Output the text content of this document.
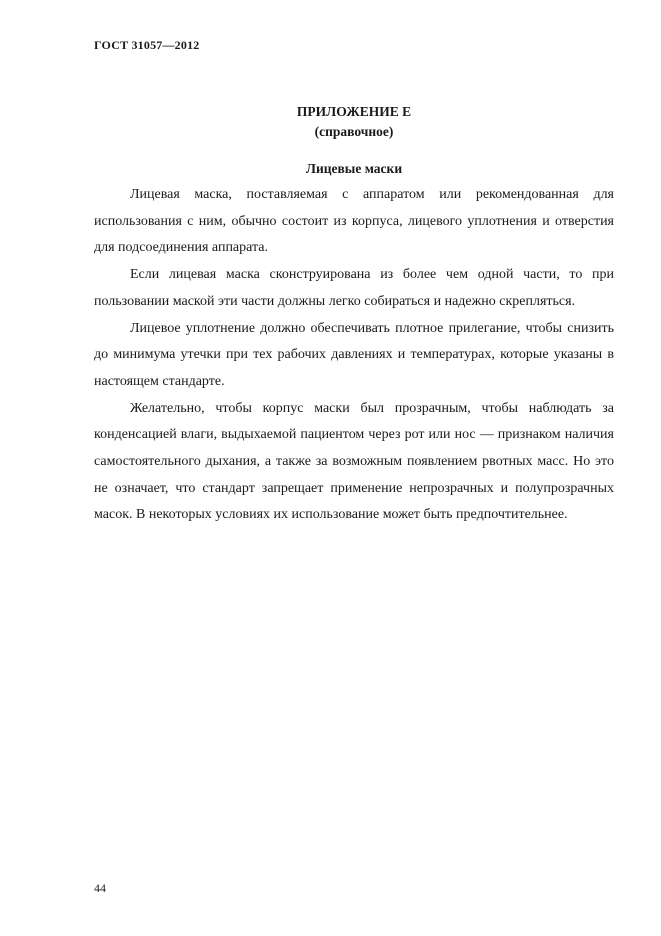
ГОСТ 31057—2012
ПРИЛОЖЕНИЕ Е
(справочное)
Лицевые маски

Лицевая маска, поставляемая с аппаратом или рекомендованная для использования с ним, обычно состоит из корпуса, лицевого уплотнения и отверстия для подсоединения аппарата.

Если лицевая маска сконструирована из более чем одной части, то при пользовании маской эти части должны легко собираться и надежно скрепляться.

Лицевое уплотнение должно обеспечивать плотное прилегание, чтобы снизить до минимума утечки при тех рабочих давлениях и температурах, которые указаны в настоящем стандарте.

Желательно, чтобы корпус маски был прозрачным, чтобы наблюдать за конденсацией влаги, выдыхаемой пациентом через рот или нос — признаком наличия самостоятельного дыхания, а также за возможным появлением рвотных масс. Но это не означает, что стандарт запрещает применение непрозрачных и полупрозрачных масок. В некоторых условиях их использование может быть предпочтительнее.

44
